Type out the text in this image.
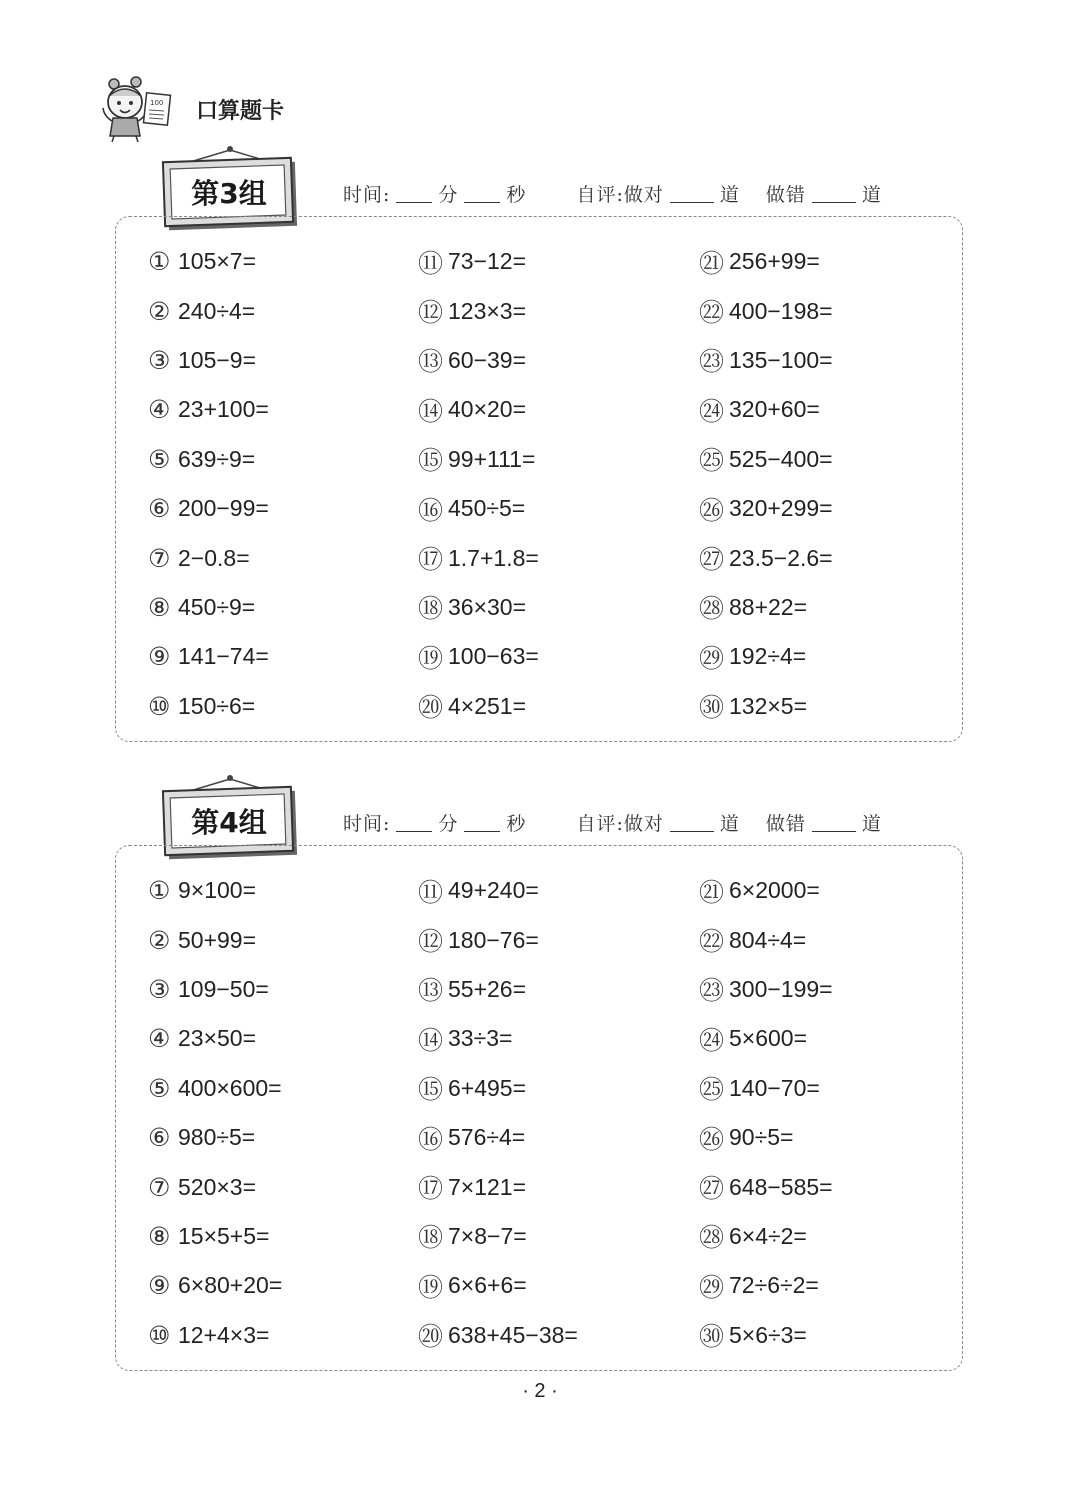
100 口算题卡
第3组	时间:	分	秒	自评:做对	道 做错	道
① 105×7=
② 240÷4=
③ 105−9=
④ 23+100=
⑤ 639÷9=
⑥ 200−99=
⑦ 2−0.8=
⑧ 450÷9=
⑨ 141−74=
⑩ 150÷6=
⑪ 73−12=
⑫ 123×3=
⑬ 60−39=
⑭ 40×20=
⑮ 99+111=
⑯ 450÷5=
⑰ 1.7+1.8=
⑱ 36×30=
⑲ 100−63=
⑳ 4×251=
㉑ 256+99=
㉒ 400−198=
㉓ 135−100=
㉔ 320+60=
㉕ 525−400=
㉖ 320+299=
㉗ 23.5−2.6=
㉘ 88+22=
㉙ 192÷4=
㉚ 132×5=
第4组	时间:	分	秒	自评:做对	道 做错	道
① 9×100=
② 50+99=
③ 109−50=
④ 23×50=
⑤ 400×600=
⑥ 980÷5=
⑦ 520×3=
⑧ 15×5+5=
⑨ 6×80+20=
⑩ 12+4×3=
⑪ 49+240=
⑫ 180−76=
⑬ 55+26=
⑭ 33÷3=
⑮ 6+495=
⑯ 576÷4=
⑰ 7×121=
⑱ 7×8−7=
⑲ 6×6+6=
⑳ 638+45−38=
㉑ 6×2000=
㉒ 804÷4=
㉓ 300−199=
㉔ 5×600=
㉕ 140−70=
㉖ 90÷5=
㉗ 648−585=
㉘ 6×4÷2=
㉙ 72÷6÷2=
㉚ 5×6÷3=
· 2 ·
